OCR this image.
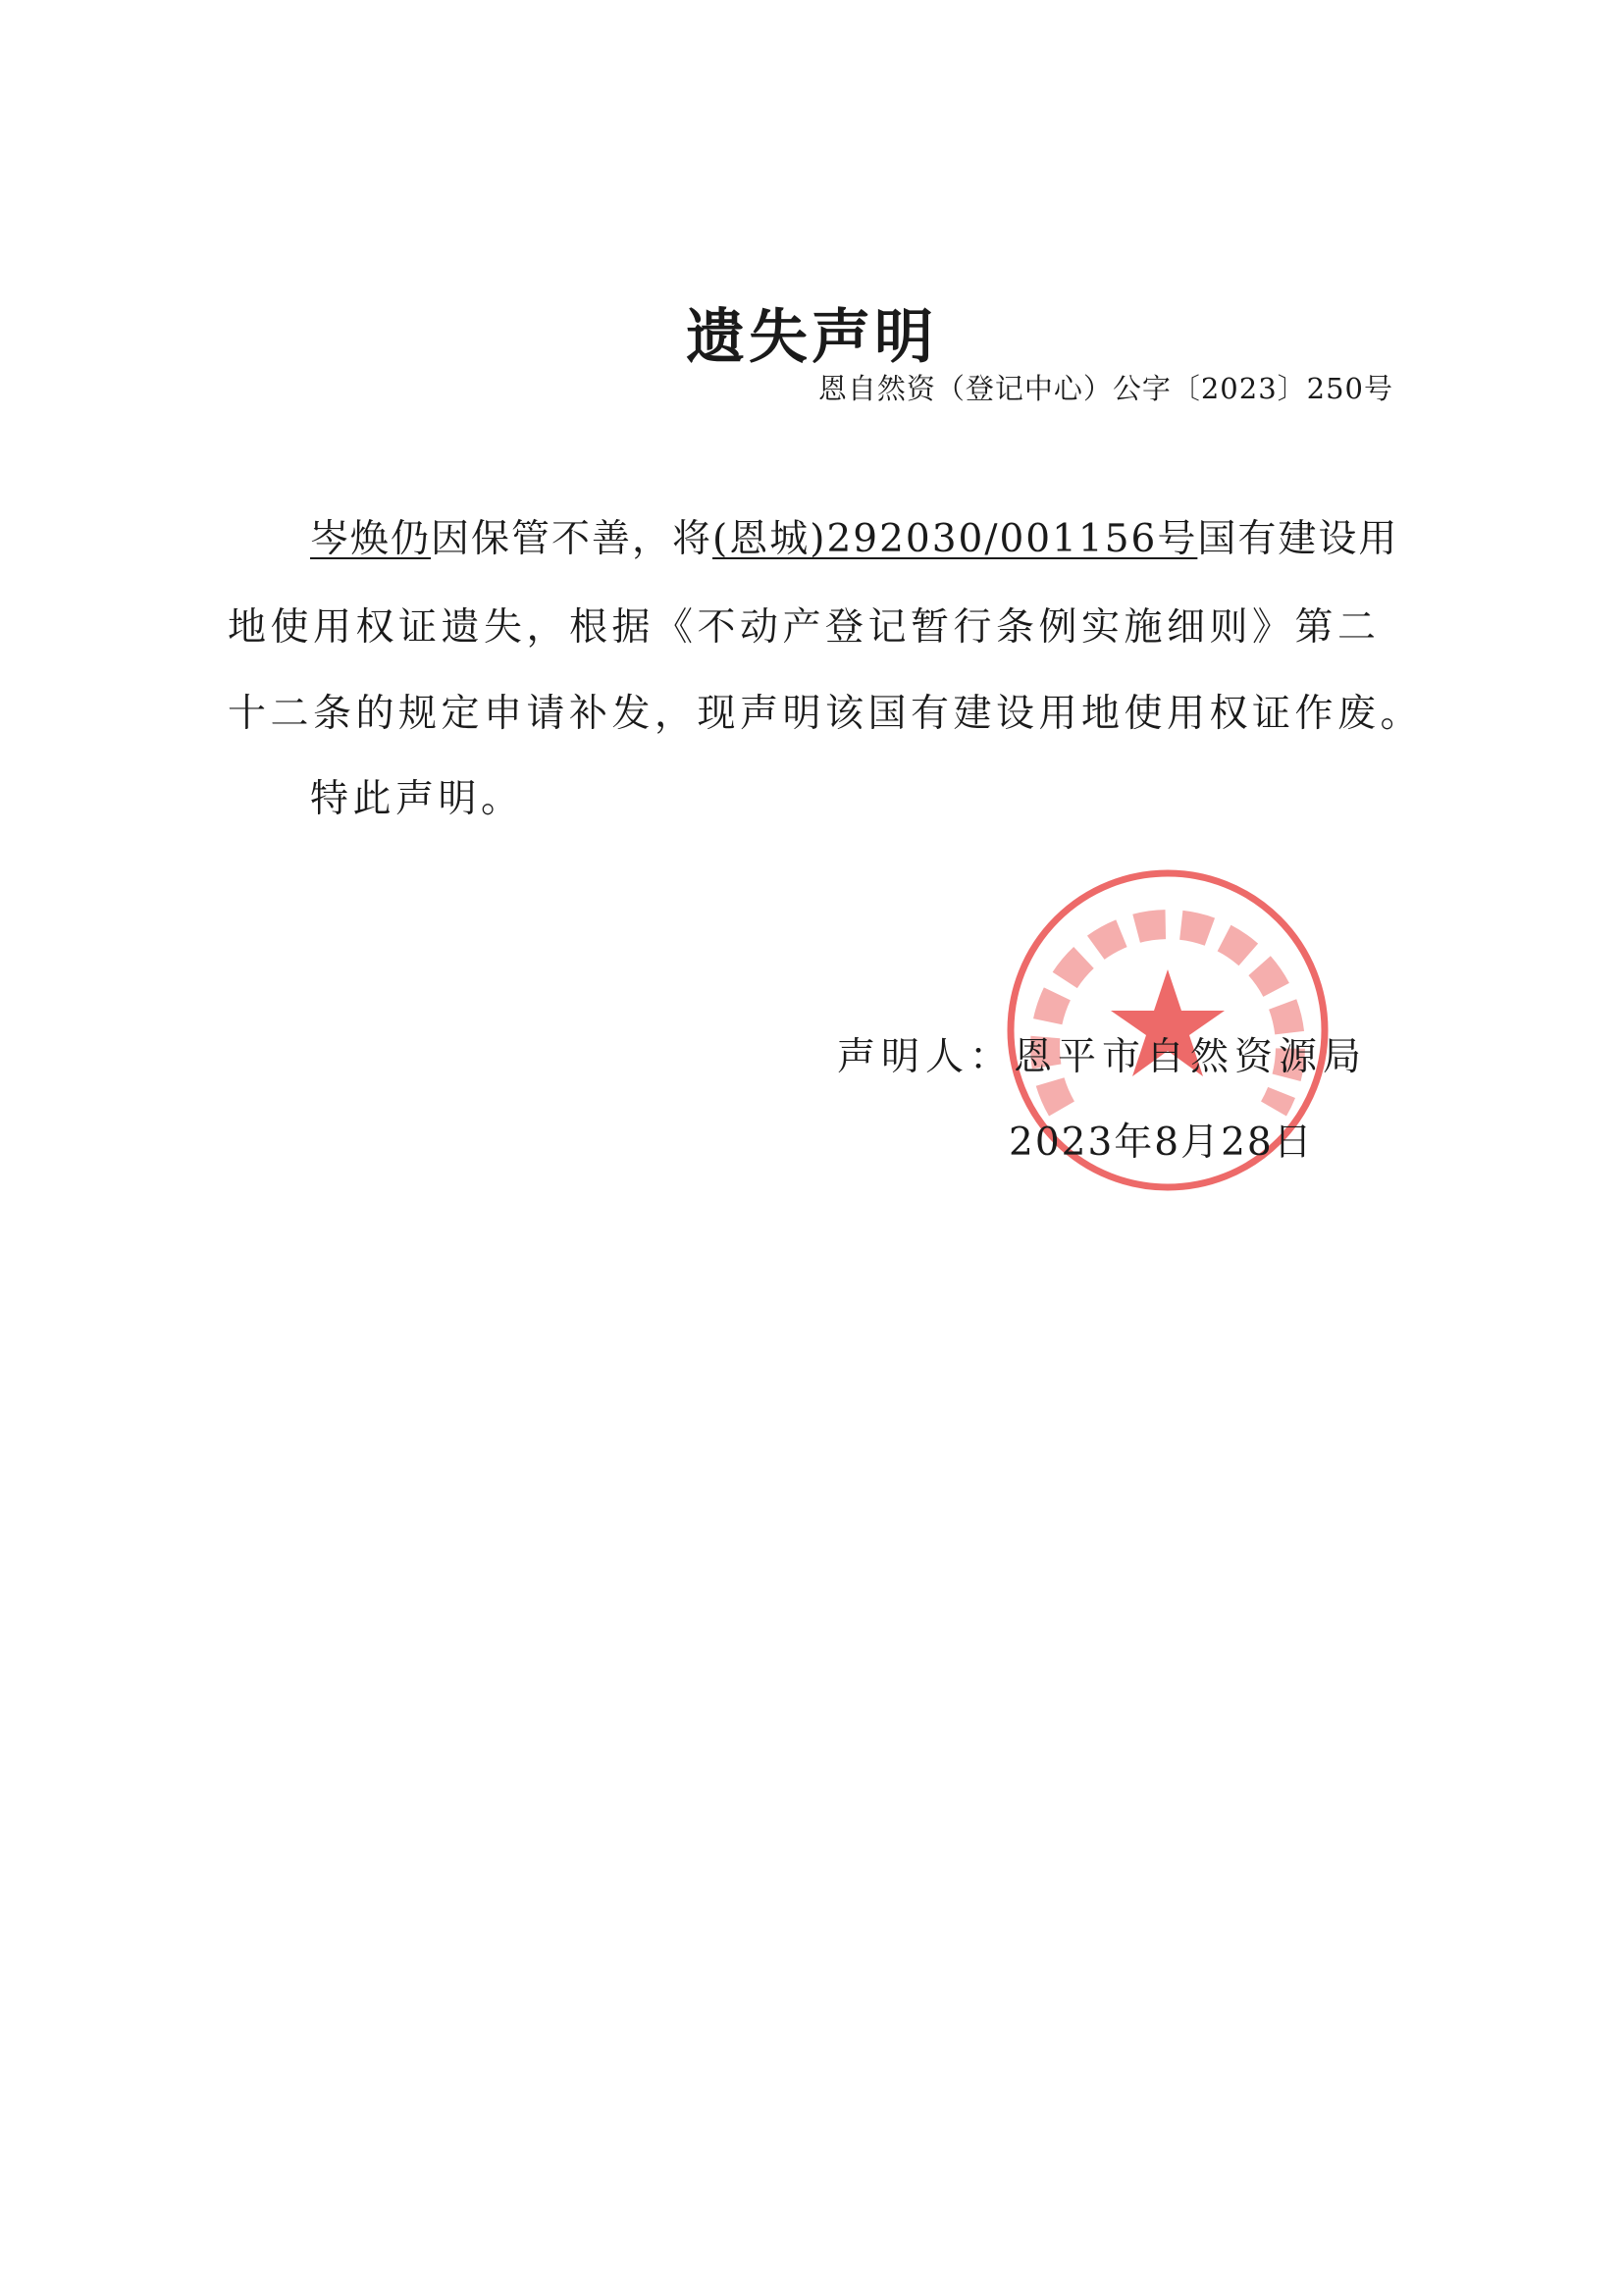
遗失声明
恩自然资（登记中心）公字〔2023〕250号
岑焕仍因保管不善，将(恩城)292030/001156号国有建设用
地使用权证遗失，根据《不动产登记暂行条例实施细则》第二
十二条的规定申请补发，现声明该国有建设用地使用权证作废。
特此声明。
声明人：恩平市自然资源局
2023年8月28日
